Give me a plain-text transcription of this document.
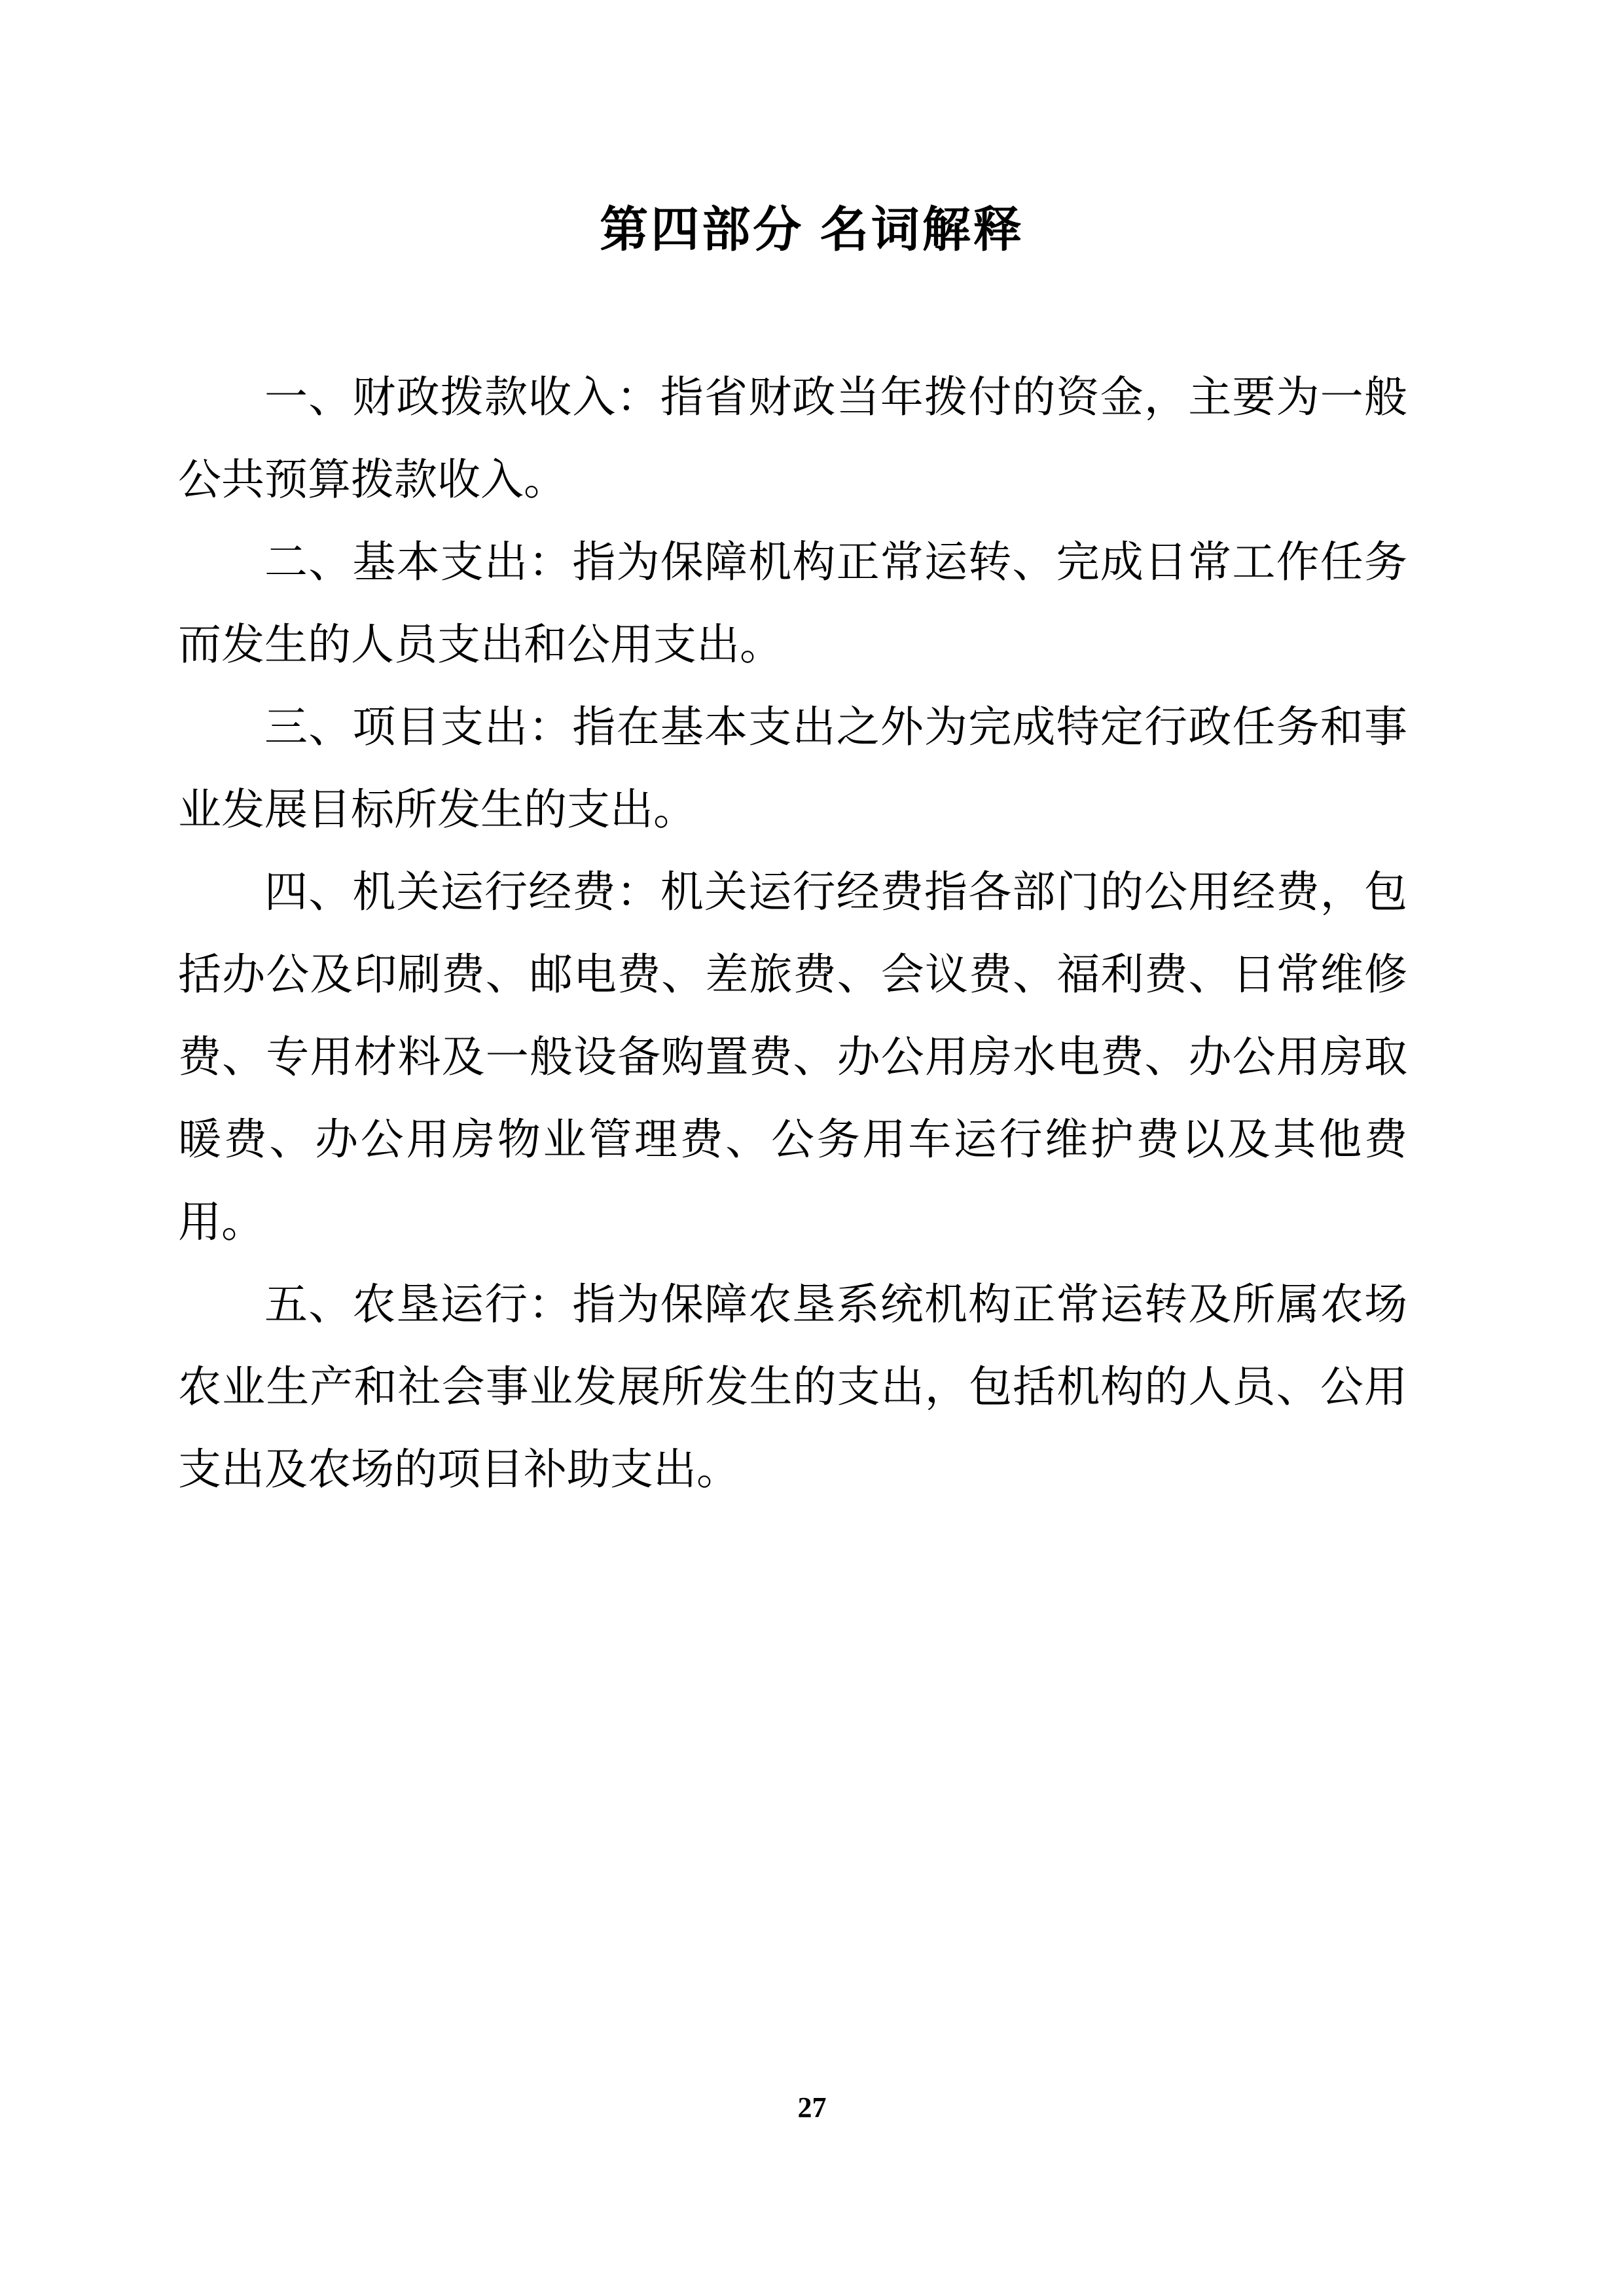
第四部分 名词解释
一、财政拨款收入：指省财政当年拨付的资金，主要为一般
公共预算拨款收入。
二、基本支出：指为保障机构正常运转、完成日常工作任务
而发生的人员支出和公用支出。
三、项目支出：指在基本支出之外为完成特定行政任务和事
业发展目标所发生的支出。
四、机关运行经费：机关运行经费指各部门的公用经费，包
括办公及印刷费、邮电费、差旅费、会议费、福利费、日常维修
费、专用材料及一般设备购置费、办公用房水电费、办公用房取
暖费、办公用房物业管理费、公务用车运行维护费以及其他费用。
五、农垦运行：指为保障农垦系统机构正常运转及所属农场
农业生产和社会事业发展所发生的支出，包括机构的人员、公用
支出及农场的项目补助支出。
27
